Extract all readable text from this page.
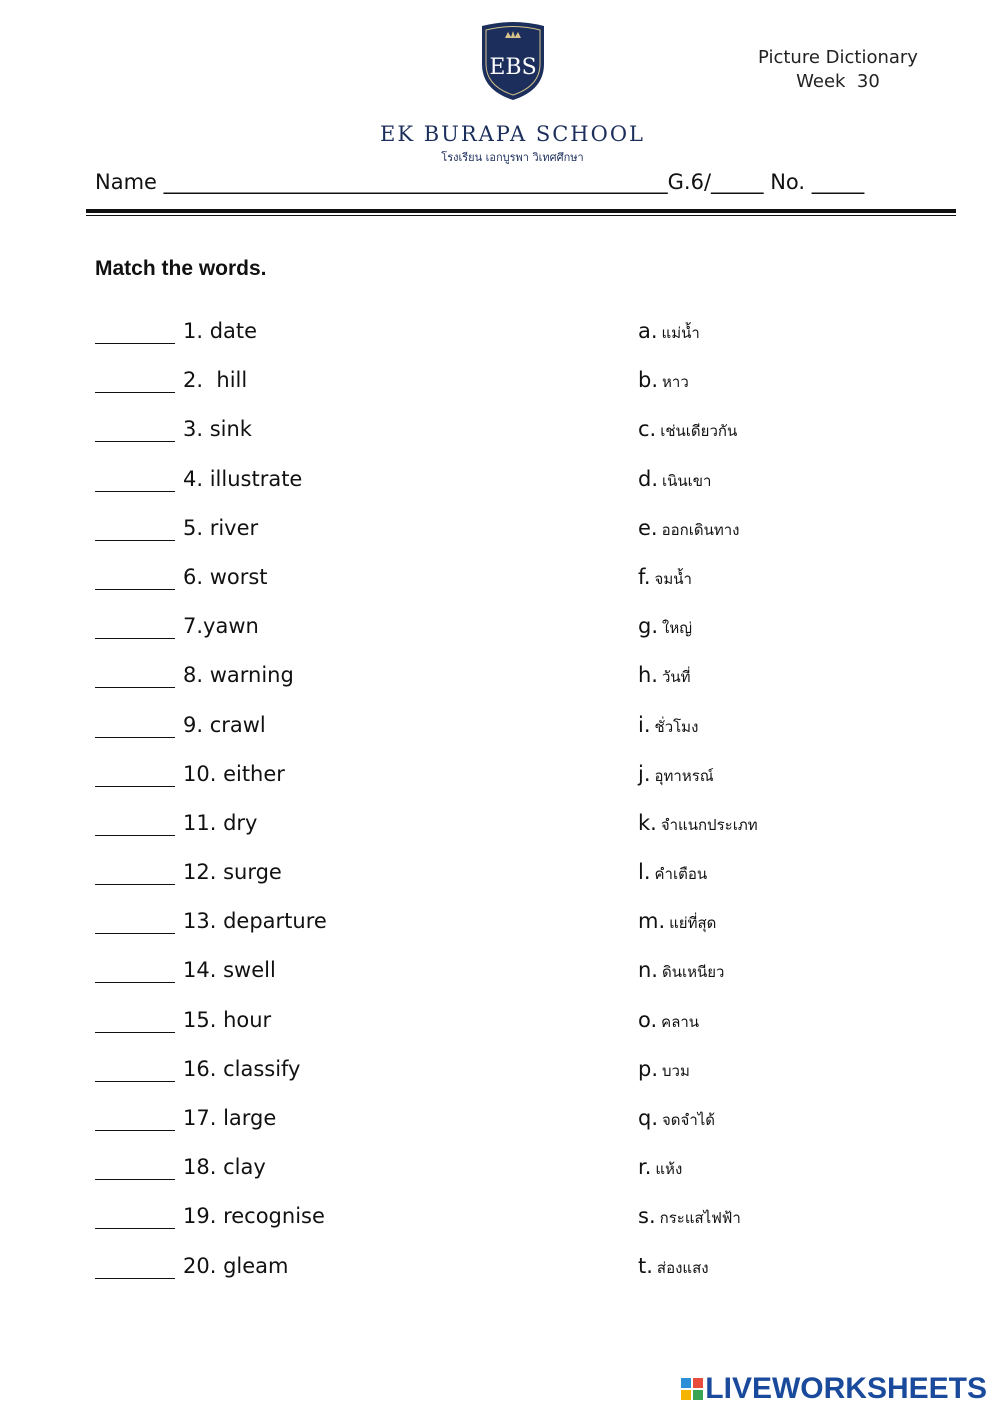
EBS
EK BURAPA SCHOOL
โรงเรียน เอกบูรพา วิเทศศึกษา
Picture Dictionary
Week  30
Name ________________________________________________G.6/_____ No. _____
Match the words.
1. date	a. แม่น้ำ
2.  hill	b. หาว
3. sink	c. เช่นเดียวกัน
4. illustrate	d. เนินเขา
5. river	e. ออกเดินทาง
6. worst	f. จมน้ำ
7.yawn	g. ใหญ่
8. warning	h. วันที่
9. crawl	i. ชั่วโมง
10. either	j. อุทาหรณ์
11. dry	k. จำแนกประเภท
12. surge	l. คำเตือน
13. departure	m. แย่ที่สุด
14. swell	n. ดินเหนียว
15. hour	o. คลาน
16. classify	p. บวม
17. large	q. จดจำได้
18. clay	r. แห้ง
19. recognise	s. กระแสไฟฟ้า
20. gleam	t. ส่องแสง
LIVEWORKSHEETS
